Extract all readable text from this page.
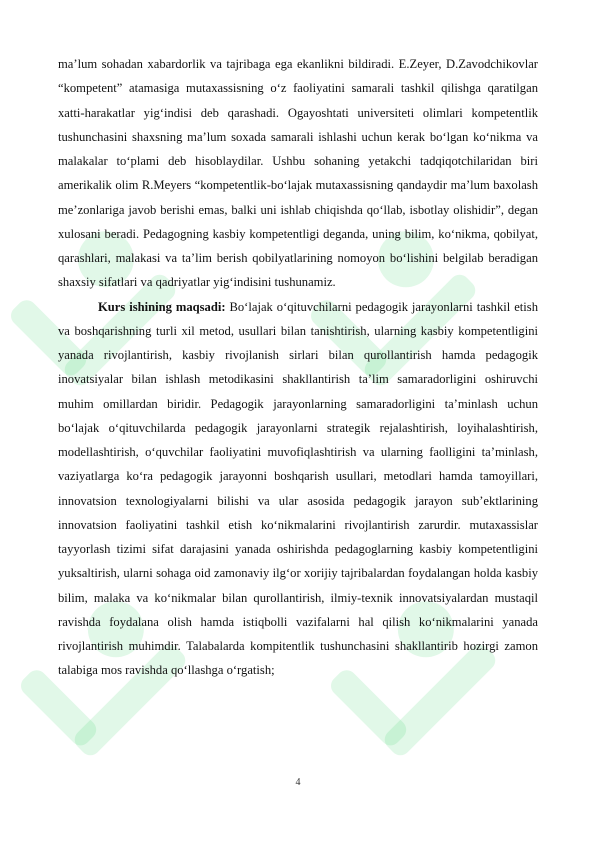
ma’lum sohadan xabardorlik va tajribaga ega ekanlikni bildiradi. E.Zeyer, D.Zavodchikovlar “kompetent” atamasiga mutaxassisning o‘z faoliyatini samarali tashkil qilishga qaratilgan xatti-harakatlar yig‘indisi deb qarashadi. Ogayoshtati universiteti olimlari kompetentlik tushunchasini shaxsning ma’lum soxada samarali ishlashi uchun kerak bo‘lgan ko‘nikma va malakalar to‘plami deb hisoblaydilar. Ushbu sohaning yetakchi tadqiqotchilaridan biri amerikalik olim R.Meyers “kompetentlik-bo‘lajak mutaxassisning qandaydir ma’lum baxolash me’zonlariga javob berishi emas, balki uni ishlab chiqishda qo‘llab, isbotlay olishidir”, degan xulosani beradi. Pedagogning kasbiy kompetentligi deganda, uning bilim, ko‘nikma, qobilyat, qarashlari, malakasi va ta’lim berish qobilyatlarining nomoyon bo‘lishini belgilab beradigan shaxsiy sifatlari va qadriyatlar yig‘indisini tushunamiz.

Kurs ishining maqsadi: Bo‘lajak o‘qituvchilarni pedagogik jarayonlarni tashkil etish va boshqarishning turli xil metod, usullari bilan tanishtirish, ularning kasbiy kompetentligini yanada rivojlantirish, kasbiy rivojlanish sirlari bilan qurollantirish hamda pedagogik inovatsiyalar bilan ishlash metodikasini shakllantirish ta’lim samaradorligini oshiruvchi muhim omillardan biridir. Pedagogik jarayonlarning samaradorligini ta’minlash uchun bo‘lajak o‘qituvchilarda pedagogik jarayonlarni strategik rejalashtirish, loyihalashtirish, modellashtirish, o‘quvchilar faoliyatini muvofiqlashtirish va ularning faolligini ta’minlash, vaziyatlarga ko‘ra pedagogik jarayonni boshqarish usullari, metodlari hamda tamoyillari, innovatsion texnologiyalarni bilishi va ular asosida pedagogik jarayon sub’ektlarining innovatsion faoliyatini tashkil etish ko‘nikmalarini rivojlantirish zarurdir. mutaxassislar tayyorlash tizimi sifat darajasini yanada oshirishda pedagoglarning kasbiy kompetentligini yuksaltirish, ularni sohaga oid zamonaviy ilg‘or xorijiy tajribalardan foydalangan holda kasbiy bilim, malaka va ko‘nikmalar bilan qurollantirish, ilmiy-texnik innovatsiyalardan mustaqil ravishda foydalana olish hamda istiqbolli vazifalarni hal qilish ko‘nikmalarini yanada rivojlantirish muhimdir. Talabalarda kompitentlik tushunchasini shakllantirib hozirgi zamon talabiga mos ravishda qo‘llashga o‘rgatish;

4
